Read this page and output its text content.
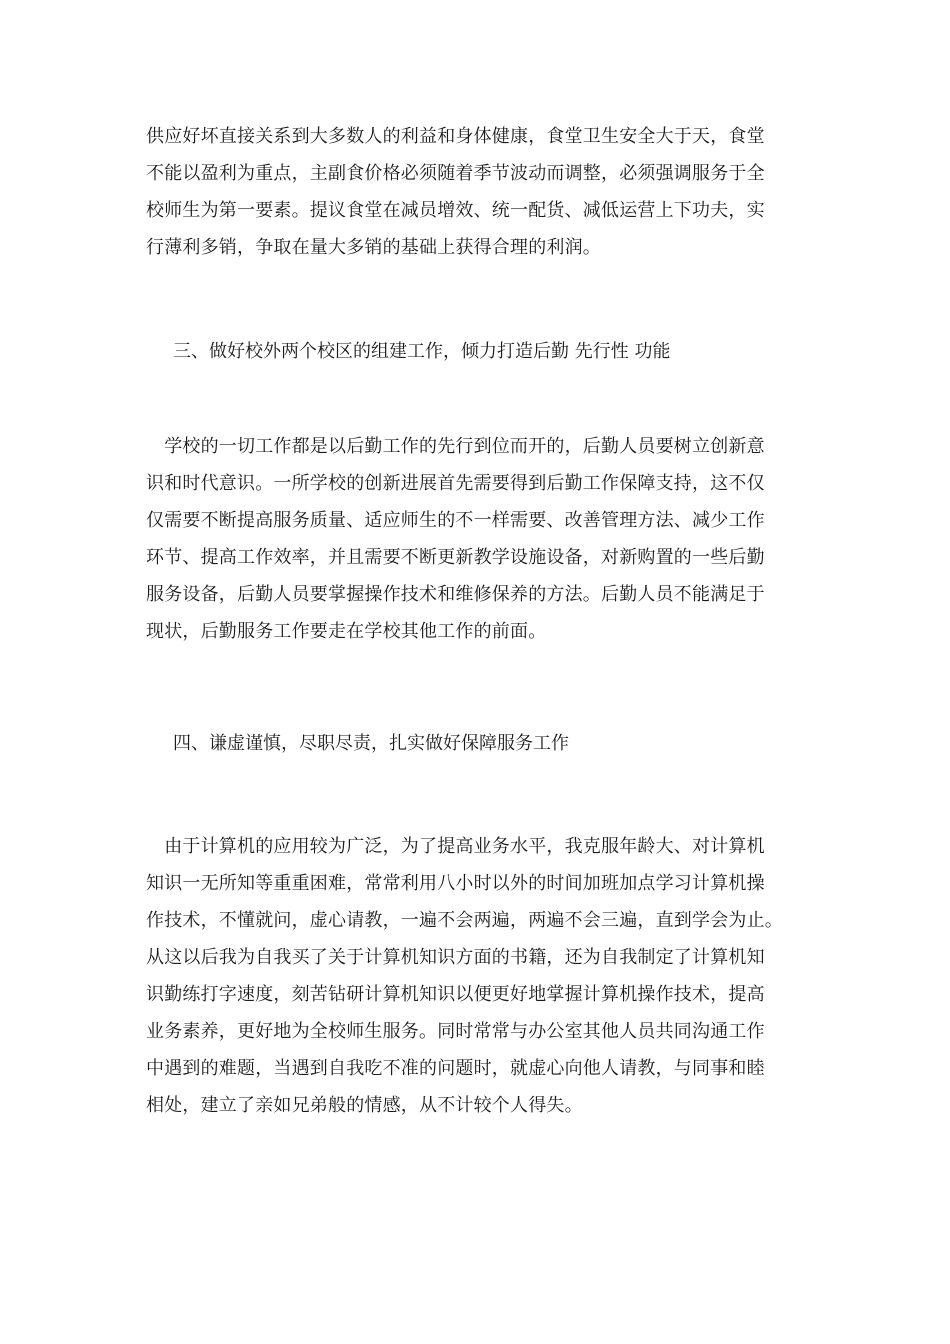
供应好坏直接关系到大多数人的利益和身体健康，食堂卫生安全大于天，食堂
不能以盈利为重点，主副食价格必须随着季节波动而调整，必须强调服务于全
校师生为第一要素。提议食堂在减员增效、统一配货、减低运营上下功夫，实
行薄利多销，争取在量大多销的基础上获得合理的利润。
三、做好校外两个校区的组建工作，倾力打造后勤 先行性 功能
　学校的一切工作都是以后勤工作的先行到位而开的，后勤人员要树立创新意
识和时代意识。一所学校的创新进展首先需要得到后勤工作保障支持，这不仅
仅需要不断提高服务质量、适应师生的不一样需要、改善管理方法、减少工作
环节、提高工作效率，并且需要不断更新教学设施设备，对新购置的一些后勤
服务设备，后勤人员要掌握操作技术和维修保养的方法。后勤人员不能满足于
现状，后勤服务工作要走在学校其他工作的前面。
四、谦虚谨慎，尽职尽责，扎实做好保障服务工作
　由于计算机的应用较为广泛，为了提高业务水平，我克服年龄大、对计算机
知识一无所知等重重困难，常常利用八小时以外的时间加班加点学习计算机操
作技术，不懂就问，虚心请教，一遍不会两遍，两遍不会三遍，直到学会为止。
从这以后我为自我买了关于计算机知识方面的书籍，还为自我制定了计算机知
识勤练打字速度，刻苦钻研计算机知识以便更好地掌握计算机操作技术，提高
业务素养，更好地为全校师生服务。同时常常与办公室其他人员共同沟通工作
中遇到的难题，当遇到自我吃不准的问题时，就虚心向他人请教，与同事和睦
相处，建立了亲如兄弟般的情感，从不计较个人得失。
